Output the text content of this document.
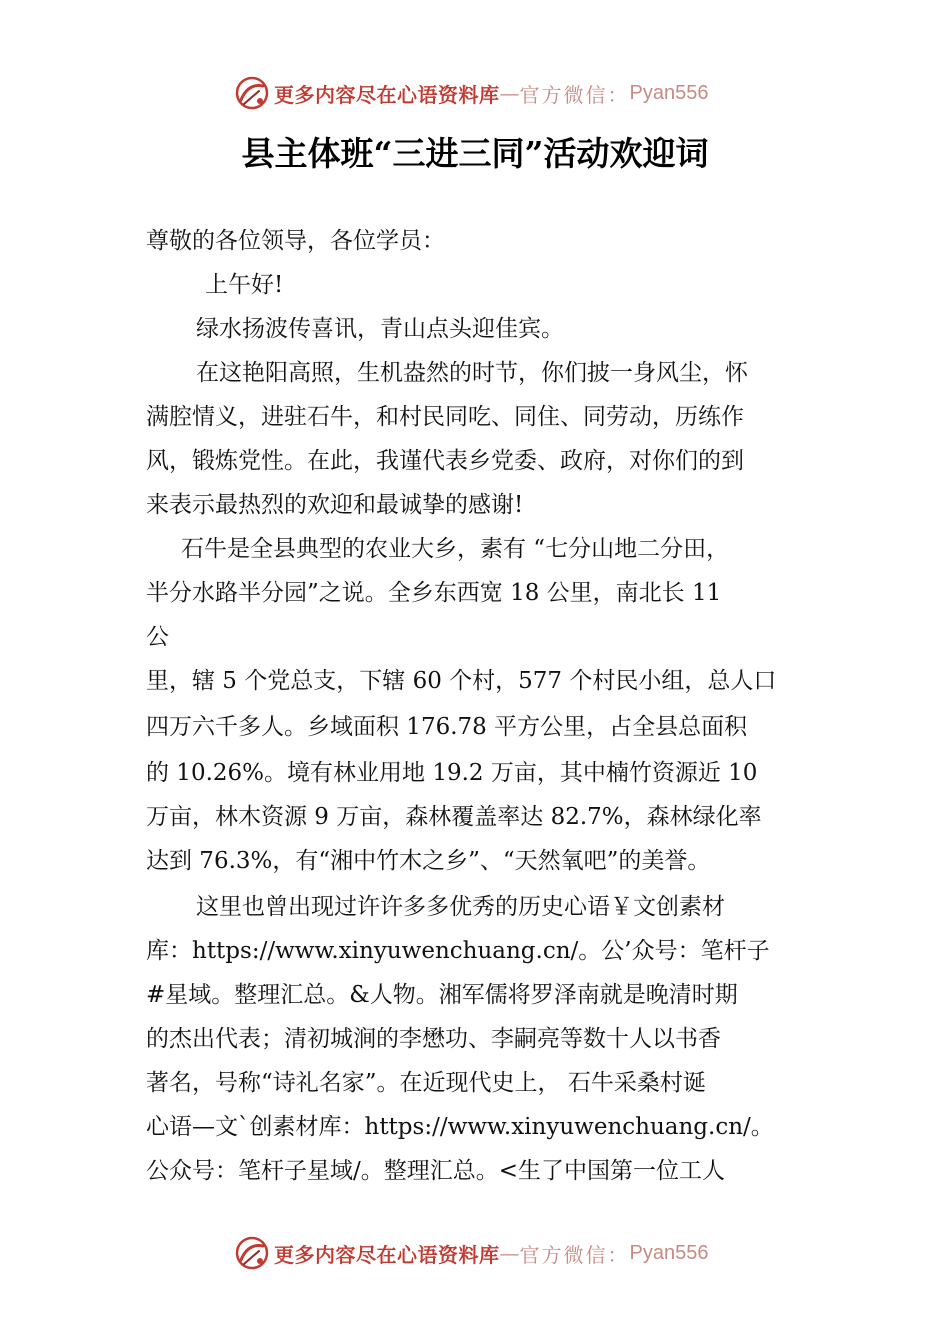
更多内容尽在心语资料库 — 官方微信： Pyan556
县主体班“三进三同”活动欢迎词
尊敬的各位领导，各位学员：
上午好!
绿水扬波传喜讯，青山点头迎佳宾。
在这艳阳高照，生机盎然的时节，你们披一身风尘，怀
满腔情义，进驻石牛，和村民同吃、同住、同劳动，历练作
风，锻炼党性。在此，我谨代表乡党委、政府，对你们的到
来表示最热烈的欢迎和最诚挚的感谢!
石牛是全县典型的农业大乡，素有 “七分山地二分田，
半分水路半分园”之说。全乡东西宽 18 公里，南北长 11
公
里，辖 5 个党总支，下辖 60 个村，577 个村民小组，总人口
四万六千多人。乡域面积 176.78 平方公里，占全县总面积
的 10.26%。境有林业用地 19.2 万亩，其中楠竹资源近 10
万亩，林木资源 9 万亩，森林覆盖率达 82.7%，森林绿化率
达到 76.3%，有“湘中竹木之乡”、“天然氧吧”的美誉。
这里也曾出现过许许多多优秀的历史心语￥文创素材
库：https://www.xinyuwenchuang.cn/。公’众号：笔杆子
#星域。整理汇总。&人物。湘军儒将罗泽南就是晚清时期
的杰出代表；清初城涧的李懋功、李嗣亮等数十人以书香
著名，号称“诗礼名家”。在近现代史上， 石牛采桑村诞
心语—文`创素材库：https://www.xinyuwenchuang.cn/。
公众号：笔杆子星域/。整理汇总。<生了中国第一位工人
更多内容尽在心语资料库 — 官方微信： Pyan556
